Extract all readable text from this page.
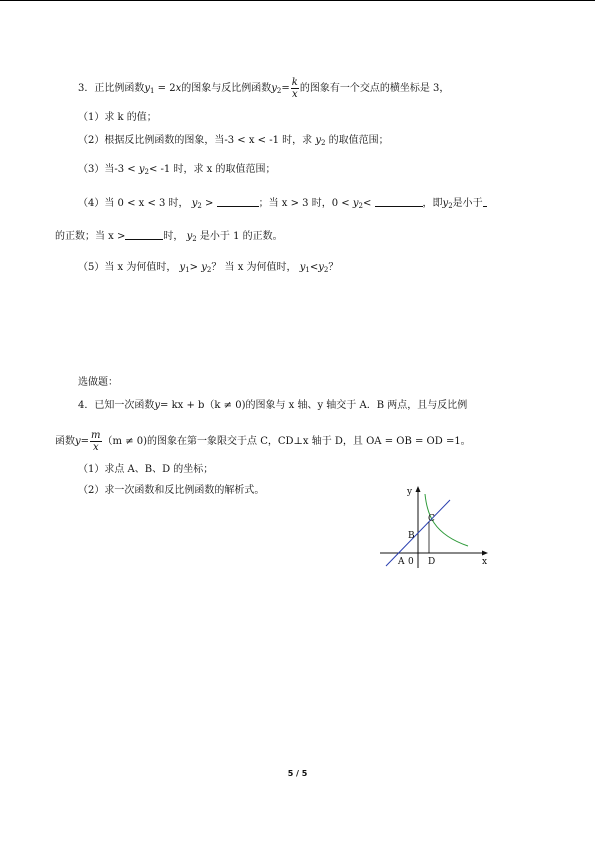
3．正比例函数$y_1 = 2x$的图象与反比例函数$y_2= \frac{k}{x}$ 的图象有一个交点的横坐标是 3，
（1）求 k 的值；
（2）根据反比例函数的图象，当-3 < x < -1 时，求 $y_2$ 的取值范围；
（3）当$-3 < y_2< -1$ 时，求 x 的取值范围；
（4）当 0 < x < 3 时， $y_2$ >	；当 x > 3 时，$0 < y_2<$	，即$y_2$是小于
的正数；当 x >	时， $y_2$ 是小于 1 的正数。
（5）当 x 为何值时， $y_1> y_2$？ 当 x 为何值时， $y_1<y_2$？
选做题：
4．已知一次函数y= kx + b（k ≠ 0)的图象与 x 轴、y 轴交于 A．B 两点，且与反比例
函数$y= \frac{m}{x} (m \ne 0)$的图象在第一象限交于点 C，CD⊥x 轴于 D，且 OA = OB = OD =1。
（1）求点 A、B、D 的坐标；
（2）求一次函数和反比例函数的解析式。	y
x
A 0
B
C
D
5 / 5
